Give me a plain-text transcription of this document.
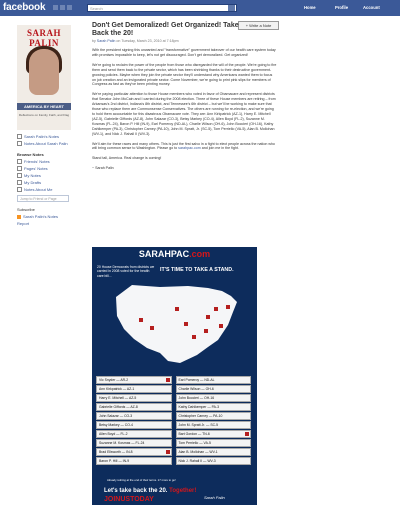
facebook	Search	Home	Profile	Account
SARAH
PALIN
AMERICA BY HEART
Reflections on Family, Faith, and Flag
Sarah Palin's Notes
Notes About Sarah Palin
Browse Notes
Friends' Notes
Pages' Notes
My Notes
My Drafts
Notes About Me
Jump to Friend or Page
Subscribe
Sarah Palin's Notes
Report
+ Write a Note
Don't Get Demoralized! Get Organized! Take Back the 20!
by Sarah Palin on Tuesday, March 23, 2010 at 7:18pm
With the president signing this unwanted and "transformative" government takeover of our health care system today with promises impossible to keep, let's not get discouraged. Don't get demoralized. Get organized!
We're going to reclaim the power of the people from those who disregarded the will of the people. We're going to fire them and send them back to the private sector, which has been shrinking thanks to their destructive government-growing policies. Maybe when they join the private sector they'll understand why Americans wanted them to focus on job creation and an invigorated private sector. Come November, we're going to print pink slips for members of Congress as fast as they've been printing money.
We're paying particular attention to those House members who voted in favor of Obamacare and represent districts that Senator John McCain and I carried during the 2008 election. Three of these House members are retiring – from Arkansas's 2nd district, Indiana's 8th district, and Tennessee's 6th district – but we'll be working to make sure that those who replace them are Commonsense Conservatives. The others are running for re-election, and we're going to hold them accountable for this disastrous Obamacare vote. They are: Ann Kirkpatrick (AZ-1), Harry E. Mitchell (AZ-5), Gabrielle Giffords (AZ-8), John Salazar (CO-3), Betsy Markey (CO-4), Allen Boyd (FL-2), Suzanne M. Kosmas (FL-24), Baron P. Hill (IN-9), Earl Pomeroy (ND-AL), Charlie Wilson (OH-6), John Boccieri (OH-16), Kathy Dahlkemper (PA-3), Christopher Carney (PA-10), John M. Spratt, Jr. (SC-5), Tom Perriello (VA-5), Alan B. Mollohan (WV-1), and Nick J. Rahall II (WV-3).
We'll aim for these races and many others. This is just the first salvo in a fight to elect people across the nation who will bring common sense to Washington. Please go to sarahpac.com and join me in the fight.
Stand tall, America. Real change is coming!
~ Sarah Palin
SARAHPAC.com
20 House Democrats from districts we carried in 2008 voted for the health care bill...
IT'S TIME TO TAKE A STAND.
Vic Snyder — AR-2	Earl Pomeroy — ND-AL
Ann Kirkpatrick — AZ-1	Charlie Wilson — OH-6
Harry E. Mitchell — AZ-5	John Boccieri — OH-16
Gabrielle Giffords — AZ-8	Kathy Dahlkemper — PA-3
John Salazar — CO-3	Christopher Carney — PA-10
Betsy Markey — CO-4	John M. Spratt Jr. — SC-5
Allen Boyd — FL-2	Bart Gordon — TN-6
Suzanne M. Kosmas — FL-24	Tom Perriello — VA-5
Brad Ellsworth — IN-8	Alan B. Mollohan — WV-1
Baron P. Hill — IN-9	Nick J. Rahall II — WV-3
Already retiring at the end of their terms. 17 more to go!
Let's take back the 20. Together!
JOINUSTODAY	Sarah Palin
